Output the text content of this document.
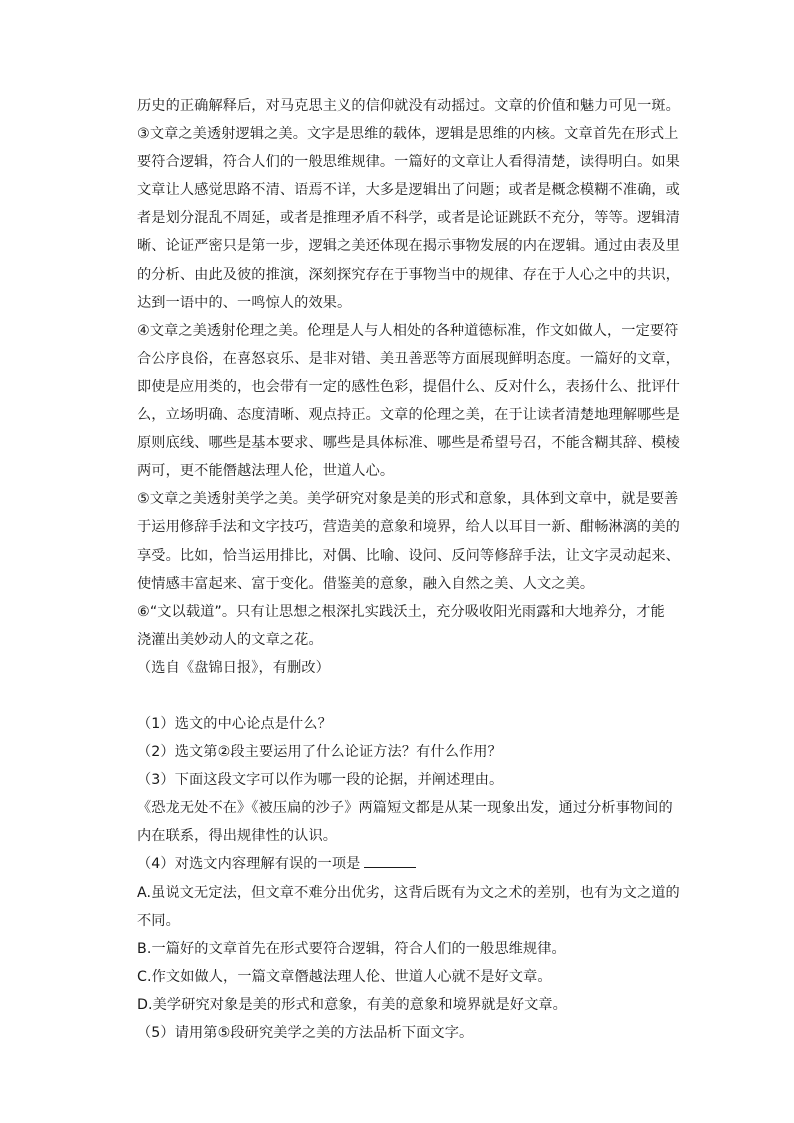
历史的正确解释后，对马克思主义的信仰就没有动摇过。文章的价值和魅力可见一斑。
③文章之美透射逻辑之美。文字是思维的载体，逻辑是思维的内核。文章首先在形式上
要符合逻辑，符合人们的一般思维规律。一篇好的文章让人看得清楚，读得明白。如果
文章让人感觉思路不清、语焉不详，大多是逻辑出了问题；或者是概念模糊不准确，或
者是划分混乱不周延，或者是推理矛盾不科学，或者是论证跳跃不充分，等等。逻辑清
晰、论证严密只是第一步，逻辑之美还体现在揭示事物发展的内在逻辑。通过由表及里
的分析、由此及彼的推演，深刻探究存在于事物当中的规律、存在于人心之中的共识，
达到一语中的、一鸣惊人的效果。
④文章之美透射伦理之美。伦理是人与人相处的各种道德标准，作文如做人，一定要符
合公序良俗，在喜怒哀乐、是非对错、美丑善恶等方面展现鲜明态度。一篇好的文章，
即使是应用类的，也会带有一定的感性色彩，提倡什么、反对什么，表扬什么、批评什
么，立场明确、态度清晰、观点持正。文章的伦理之美，在于让读者清楚地理解哪些是
原则底线、哪些是基本要求、哪些是具体标准、哪些是希望号召，不能含糊其辞、模棱
两可，更不能僭越法理人伦，世道人心。
⑤文章之美透射美学之美。美学研究对象是美的形式和意象，具体到文章中，就是要善
于运用修辞手法和文字技巧，营造美的意象和境界，给人以耳目一新、酣畅淋漓的美的
享受。比如，恰当运用排比，对偶、比喻、设问、反问等修辞手法，让文字灵动起来、
使情感丰富起来、富于变化。借鉴美的意象，融入自然之美、人文之美。
⑥“文以载道”。只有让思想之根深扎实践沃土，充分吸收阳光雨露和大地养分，才能
浇灌出美妙动人的文章之花。
（选自《盘锦日报》，有删改）
（1）选文的中心论点是什么？
（2）选文第②段主要运用了什么论证方法？有什么作用？
（3）下面这段文字可以作为哪一段的论据，并阐述理由。
《恐龙无处不在》《被压扁的沙子》两篇短文都是从某一现象出发，通过分析事物间的
内在联系，得出规律性的认识。
（4）对选文内容理解有误的一项是
A.虽说文无定法，但文章不难分出优劣，这背后既有为文之术的差别，也有为文之道的
不同。
B.一篇好的文章首先在形式要符合逻辑，符合人们的一般思维规律。
C.作文如做人，一篇文章僭越法理人伦、世道人心就不是好文章。
D.美学研究对象是美的形式和意象，有美的意象和境界就是好文章。
（5）请用第⑤段研究美学之美的方法品析下面文字。
